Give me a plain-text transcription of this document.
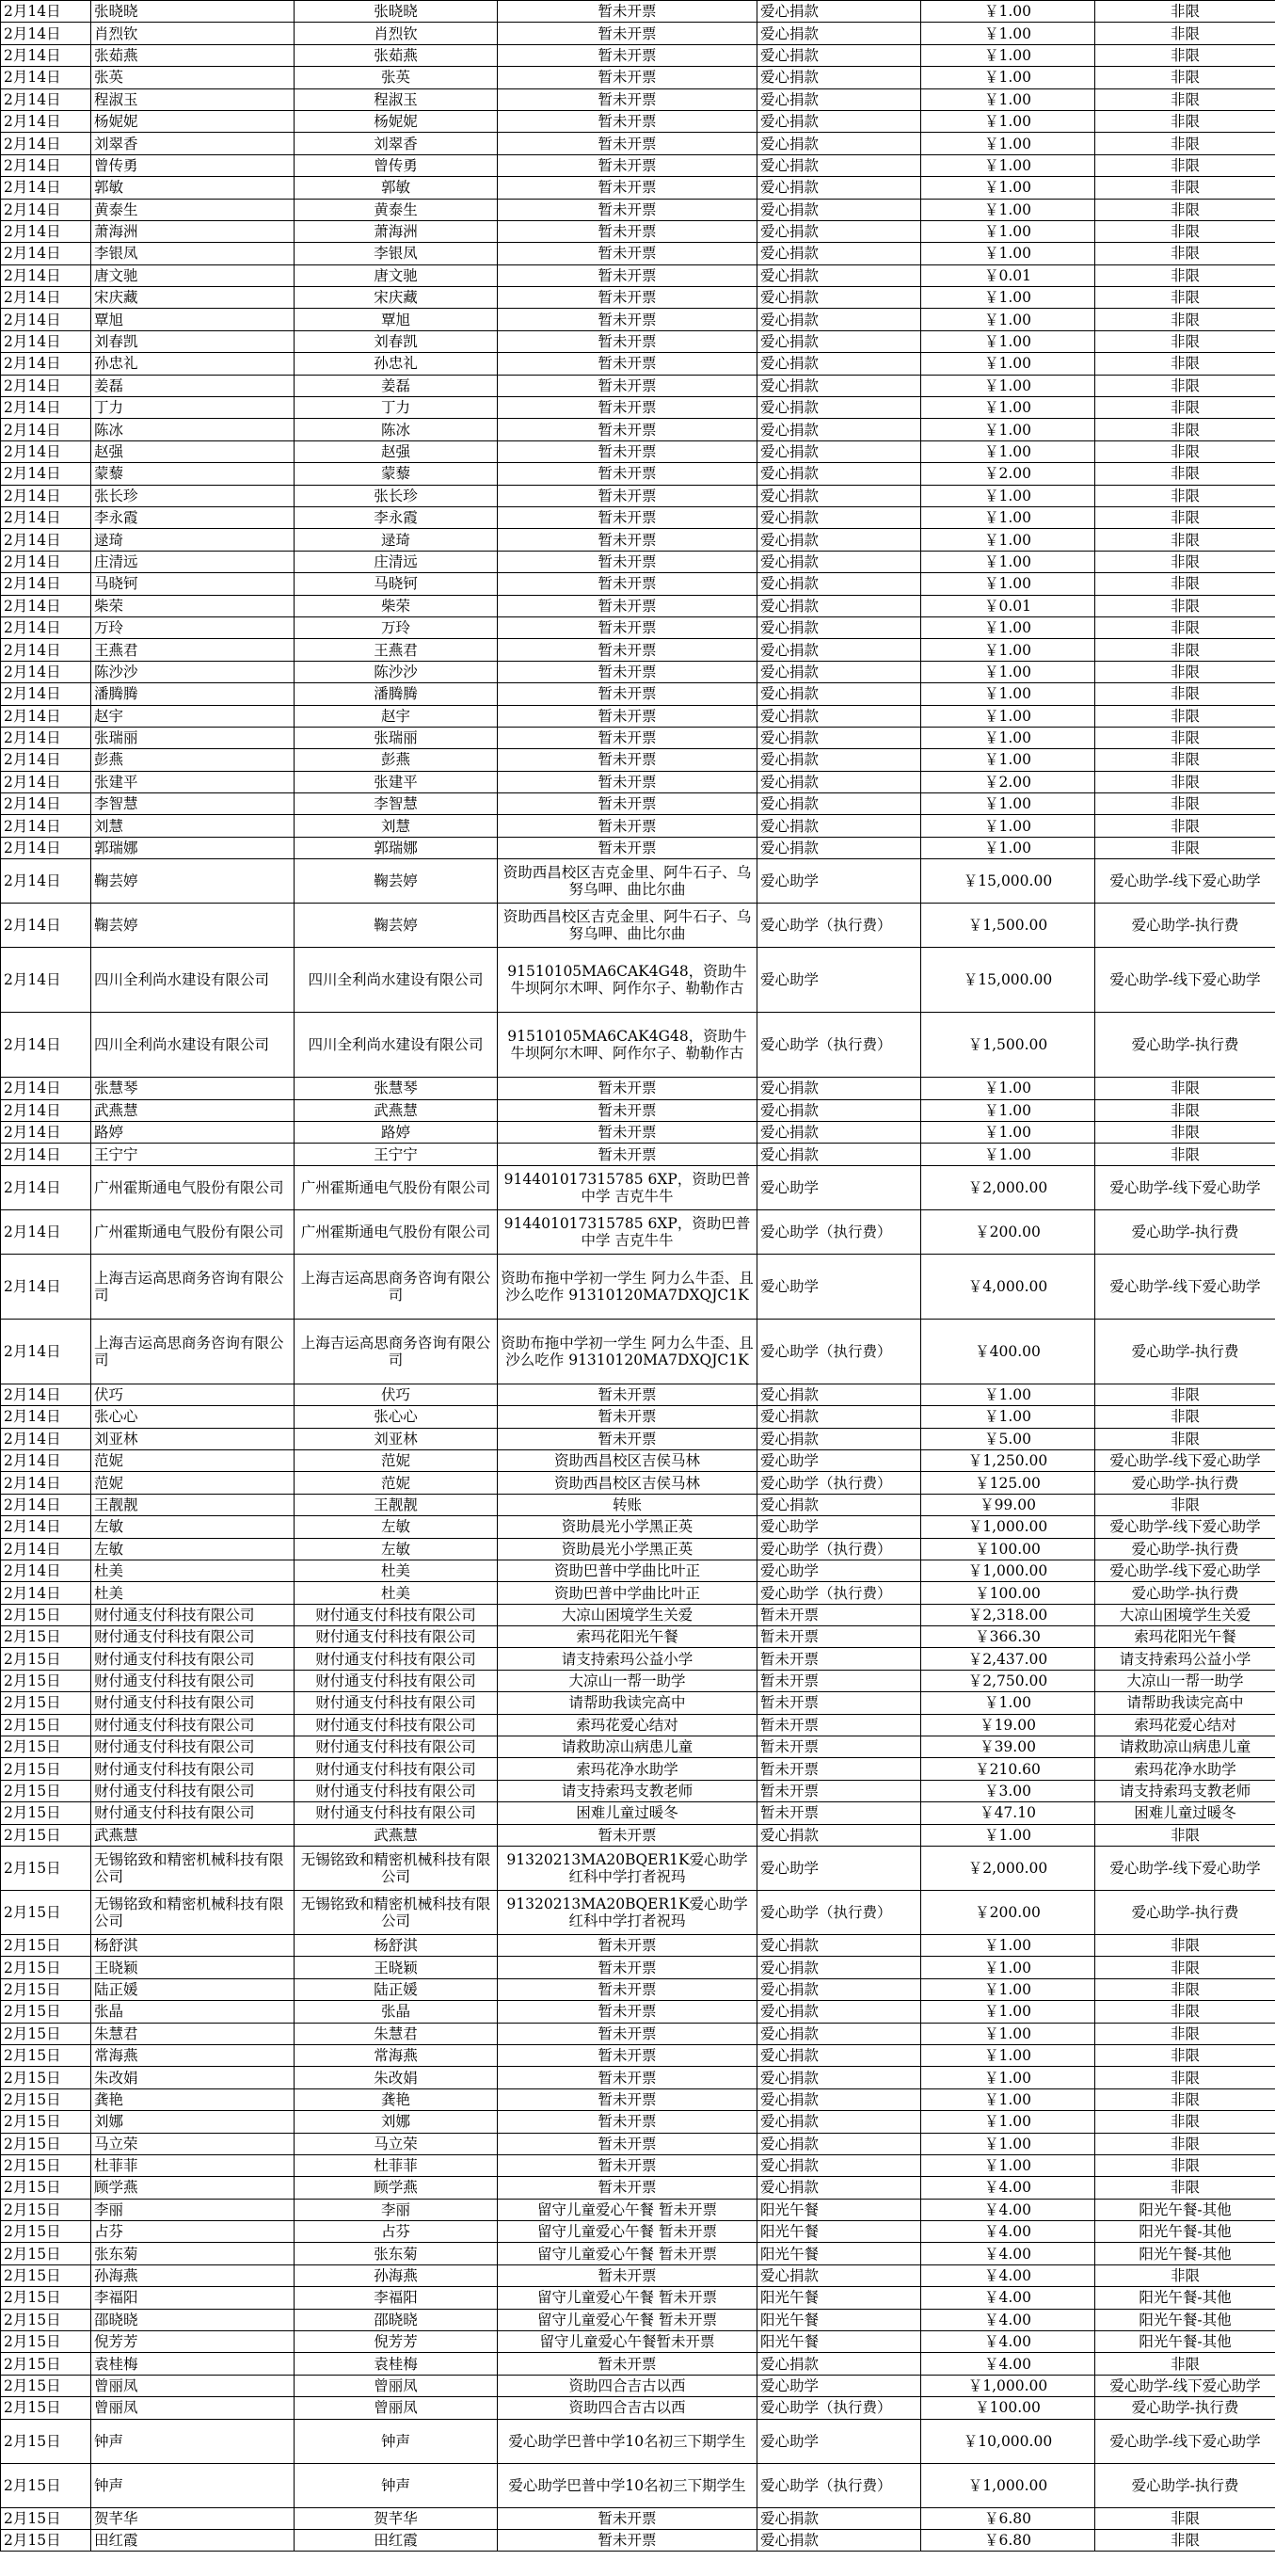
2月14日	张晓晓	张晓晓	暂未开票	爱心捐款	￥1.00	非限
2月14日	肖烈钦	肖烈钦	暂未开票	爱心捐款	￥1.00	非限
2月14日	张茹燕	张茹燕	暂未开票	爱心捐款	￥1.00	非限
2月14日	张英	张英	暂未开票	爱心捐款	￥1.00	非限
2月14日	程淑玉	程淑玉	暂未开票	爱心捐款	￥1.00	非限
2月14日	杨妮妮	杨妮妮	暂未开票	爱心捐款	￥1.00	非限
2月14日	刘翠香	刘翠香	暂未开票	爱心捐款	￥1.00	非限
2月14日	曾传勇	曾传勇	暂未开票	爱心捐款	￥1.00	非限
2月14日	郭敏	郭敏	暂未开票	爱心捐款	￥1.00	非限
2月14日	黄泰生	黄泰生	暂未开票	爱心捐款	￥1.00	非限
2月14日	萧海洲	萧海洲	暂未开票	爱心捐款	￥1.00	非限
2月14日	李银凤	李银凤	暂未开票	爱心捐款	￥1.00	非限
2月14日	唐文驰	唐文驰	暂未开票	爱心捐款	￥0.01	非限
2月14日	宋庆藏	宋庆藏	暂未开票	爱心捐款	￥1.00	非限
2月14日	覃旭	覃旭	暂未开票	爱心捐款	￥1.00	非限
2月14日	刘春凯	刘春凯	暂未开票	爱心捐款	￥1.00	非限
2月14日	孙忠礼	孙忠礼	暂未开票	爱心捐款	￥1.00	非限
2月14日	姜磊	姜磊	暂未开票	爱心捐款	￥1.00	非限
2月14日	丁力	丁力	暂未开票	爱心捐款	￥1.00	非限
2月14日	陈冰	陈冰	暂未开票	爱心捐款	￥1.00	非限
2月14日	赵强	赵强	暂未开票	爱心捐款	￥1.00	非限
2月14日	蒙藜	蒙藜	暂未开票	爱心捐款	￥2.00	非限
2月14日	张长珍	张长珍	暂未开票	爱心捐款	￥1.00	非限
2月14日	李永霞	李永霞	暂未开票	爱心捐款	￥1.00	非限
2月14日	逯琦	逯琦	暂未开票	爱心捐款	￥1.00	非限
2月14日	庄清远	庄清远	暂未开票	爱心捐款	￥1.00	非限
2月14日	马晓钶	马晓钶	暂未开票	爱心捐款	￥1.00	非限
2月14日	柴荣	柴荣	暂未开票	爱心捐款	￥0.01	非限
2月14日	万玲	万玲	暂未开票	爱心捐款	￥1.00	非限
2月14日	王燕君	王燕君	暂未开票	爱心捐款	￥1.00	非限
2月14日	陈沙沙	陈沙沙	暂未开票	爱心捐款	￥1.00	非限
2月14日	潘腾腾	潘腾腾	暂未开票	爱心捐款	￥1.00	非限
2月14日	赵宇	赵宇	暂未开票	爱心捐款	￥1.00	非限
2月14日	张瑞丽	张瑞丽	暂未开票	爱心捐款	￥1.00	非限
2月14日	彭燕	彭燕	暂未开票	爱心捐款	￥1.00	非限
2月14日	张建平	张建平	暂未开票	爱心捐款	￥2.00	非限
2月14日	李智慧	李智慧	暂未开票	爱心捐款	￥1.00	非限
2月14日	刘慧	刘慧	暂未开票	爱心捐款	￥1.00	非限
2月14日	郭瑞娜	郭瑞娜	暂未开票	爱心捐款	￥1.00	非限
2月14日	鞠芸婷	鞠芸婷	资助西昌校区吉克金里、阿牛石子、乌努乌呷、曲比尔曲	爱心助学	￥15,000.00	爱心助学-线下爱心助学
2月14日	鞠芸婷	鞠芸婷	资助西昌校区吉克金里、阿牛石子、乌努乌呷、曲比尔曲	爱心助学（执行费）	￥1,500.00	爱心助学-执行费
2月14日	四川全利尚水建设有限公司	四川全利尚水建设有限公司	91510105MA6CAK4G48，资助牛牛坝阿尔木呷、阿作尔子、勒勒作古	爱心助学	￥15,000.00	爱心助学-线下爱心助学
2月14日	四川全利尚水建设有限公司	四川全利尚水建设有限公司	91510105MA6CAK4G48，资助牛牛坝阿尔木呷、阿作尔子、勒勒作古	爱心助学（执行费）	￥1,500.00	爱心助学-执行费
2月14日	张慧琴	张慧琴	暂未开票	爱心捐款	￥1.00	非限
2月14日	武燕慧	武燕慧	暂未开票	爱心捐款	￥1.00	非限
2月14日	路婷	路婷	暂未开票	爱心捐款	￥1.00	非限
2月14日	王宁宁	王宁宁	暂未开票	爱心捐款	￥1.00	非限
2月14日	广州霍斯通电气股份有限公司	广州霍斯通电气股份有限公司	914401017315785 6XP，资助巴普中学 吉克牛牛	爱心助学	￥2,000.00	爱心助学-线下爱心助学
2月14日	广州霍斯通电气股份有限公司	广州霍斯通电气股份有限公司	914401017315785 6XP，资助巴普中学 吉克牛牛	爱心助学（执行费）	￥200.00	爱心助学-执行费
2月14日	上海吉运高思商务咨询有限公司	上海吉运高思商务咨询有限公司	资助布拖中学初一学生 阿力么牛歪、且沙么吃作 91310120MA7DXQJC1K	爱心助学	￥4,000.00	爱心助学-线下爱心助学
2月14日	上海吉运高思商务咨询有限公司	上海吉运高思商务咨询有限公司	资助布拖中学初一学生 阿力么牛歪、且沙么吃作 91310120MA7DXQJC1K	爱心助学（执行费）	￥400.00	爱心助学-执行费
2月14日	伏巧	伏巧	暂未开票	爱心捐款	￥1.00	非限
2月14日	张心心	张心心	暂未开票	爱心捐款	￥1.00	非限
2月14日	刘亚林	刘亚林	暂未开票	爱心捐款	￥5.00	非限
2月14日	范妮	范妮	资助西昌校区吉侯马林	爱心助学	￥1,250.00	爱心助学-线下爱心助学
2月14日	范妮	范妮	资助西昌校区吉侯马林	爱心助学（执行费）	￥125.00	爱心助学-执行费
2月14日	王靓靓	王靓靓	转账	爱心捐款	￥99.00	非限
2月14日	左敏	左敏	资助晨光小学黑正英	爱心助学	￥1,000.00	爱心助学-线下爱心助学
2月14日	左敏	左敏	资助晨光小学黑正英	爱心助学（执行费）	￥100.00	爱心助学-执行费
2月14日	杜美	杜美	资助巴普中学曲比叶正	爱心助学	￥1,000.00	爱心助学-线下爱心助学
2月14日	杜美	杜美	资助巴普中学曲比叶正	爱心助学（执行费）	￥100.00	爱心助学-执行费
2月15日	财付通支付科技有限公司	财付通支付科技有限公司	大凉山困境学生关爱	暂未开票	￥2,318.00	大凉山困境学生关爱
2月15日	财付通支付科技有限公司	财付通支付科技有限公司	索玛花阳光午餐	暂未开票	￥366.30	索玛花阳光午餐
2月15日	财付通支付科技有限公司	财付通支付科技有限公司	请支持索玛公益小学	暂未开票	￥2,437.00	请支持索玛公益小学
2月15日	财付通支付科技有限公司	财付通支付科技有限公司	大凉山一帮一助学	暂未开票	￥2,750.00	大凉山一帮一助学
2月15日	财付通支付科技有限公司	财付通支付科技有限公司	请帮助我读完高中	暂未开票	￥1.00	请帮助我读完高中
2月15日	财付通支付科技有限公司	财付通支付科技有限公司	索玛花爱心结对	暂未开票	￥19.00	索玛花爱心结对
2月15日	财付通支付科技有限公司	财付通支付科技有限公司	请救助凉山病患儿童	暂未开票	￥39.00	请救助凉山病患儿童
2月15日	财付通支付科技有限公司	财付通支付科技有限公司	索玛花净水助学	暂未开票	￥210.60	索玛花净水助学
2月15日	财付通支付科技有限公司	财付通支付科技有限公司	请支持索玛支教老师	暂未开票	￥3.00	请支持索玛支教老师
2月15日	财付通支付科技有限公司	财付通支付科技有限公司	困难儿童过暖冬	暂未开票	￥47.10	困难儿童过暖冬
2月15日	武燕慧	武燕慧	暂未开票	爱心捐款	￥1.00	非限
2月15日	无锡铭致和精密机械科技有限公司	无锡铭致和精密机械科技有限公司	91320213MA20BQER1K爱心助学红科中学打者祝玛	爱心助学	￥2,000.00	爱心助学-线下爱心助学
2月15日	无锡铭致和精密机械科技有限公司	无锡铭致和精密机械科技有限公司	91320213MA20BQER1K爱心助学红科中学打者祝玛	爱心助学（执行费）	￥200.00	爱心助学-执行费
2月15日	杨舒淇	杨舒淇	暂未开票	爱心捐款	￥1.00	非限
2月15日	王晓颖	王晓颖	暂未开票	爱心捐款	￥1.00	非限
2月15日	陆正媛	陆正媛	暂未开票	爱心捐款	￥1.00	非限
2月15日	张晶	张晶	暂未开票	爱心捐款	￥1.00	非限
2月15日	朱慧君	朱慧君	暂未开票	爱心捐款	￥1.00	非限
2月15日	常海燕	常海燕	暂未开票	爱心捐款	￥1.00	非限
2月15日	朱改娟	朱改娟	暂未开票	爱心捐款	￥1.00	非限
2月15日	龚艳	龚艳	暂未开票	爱心捐款	￥1.00	非限
2月15日	刘娜	刘娜	暂未开票	爱心捐款	￥1.00	非限
2月15日	马立荣	马立荣	暂未开票	爱心捐款	￥1.00	非限
2月15日	杜菲菲	杜菲菲	暂未开票	爱心捐款	￥1.00	非限
2月15日	顾学燕	顾学燕	暂未开票	爱心捐款	￥4.00	非限
2月15日	李丽	李丽	留守儿童爱心午餐 暂未开票	阳光午餐	￥4.00	阳光午餐-其他
2月15日	占芬	占芬	留守儿童爱心午餐 暂未开票	阳光午餐	￥4.00	阳光午餐-其他
2月15日	张东菊	张东菊	留守儿童爱心午餐 暂未开票	阳光午餐	￥4.00	阳光午餐-其他
2月15日	孙海燕	孙海燕	暂未开票	爱心捐款	￥4.00	非限
2月15日	李福阳	李福阳	留守儿童爱心午餐 暂未开票	阳光午餐	￥4.00	阳光午餐-其他
2月15日	邵晓晓	邵晓晓	留守儿童爱心午餐 暂未开票	阳光午餐	￥4.00	阳光午餐-其他
2月15日	倪芳芳	倪芳芳	留守儿童爱心午餐暂未开票	阳光午餐	￥4.00	阳光午餐-其他
2月15日	袁桂梅	袁桂梅	暂未开票	爱心捐款	￥4.00	非限
2月15日	曾丽凤	曾丽凤	资助四合吉古以西	爱心助学	￥1,000.00	爱心助学-线下爱心助学
2月15日	曾丽凤	曾丽凤	资助四合吉古以西	爱心助学（执行费）	￥100.00	爱心助学-执行费
2月15日	钟声	钟声	爱心助学巴普中学10名初三下期学生	爱心助学	￥10,000.00	爱心助学-线下爱心助学
2月15日	钟声	钟声	爱心助学巴普中学10名初三下期学生	爱心助学（执行费）	￥1,000.00	爱心助学-执行费
2月15日	贺芊华	贺芊华	暂未开票	爱心捐款	￥6.80	非限
2月15日	田红霞	田红霞	暂未开票	爱心捐款	￥6.80	非限
